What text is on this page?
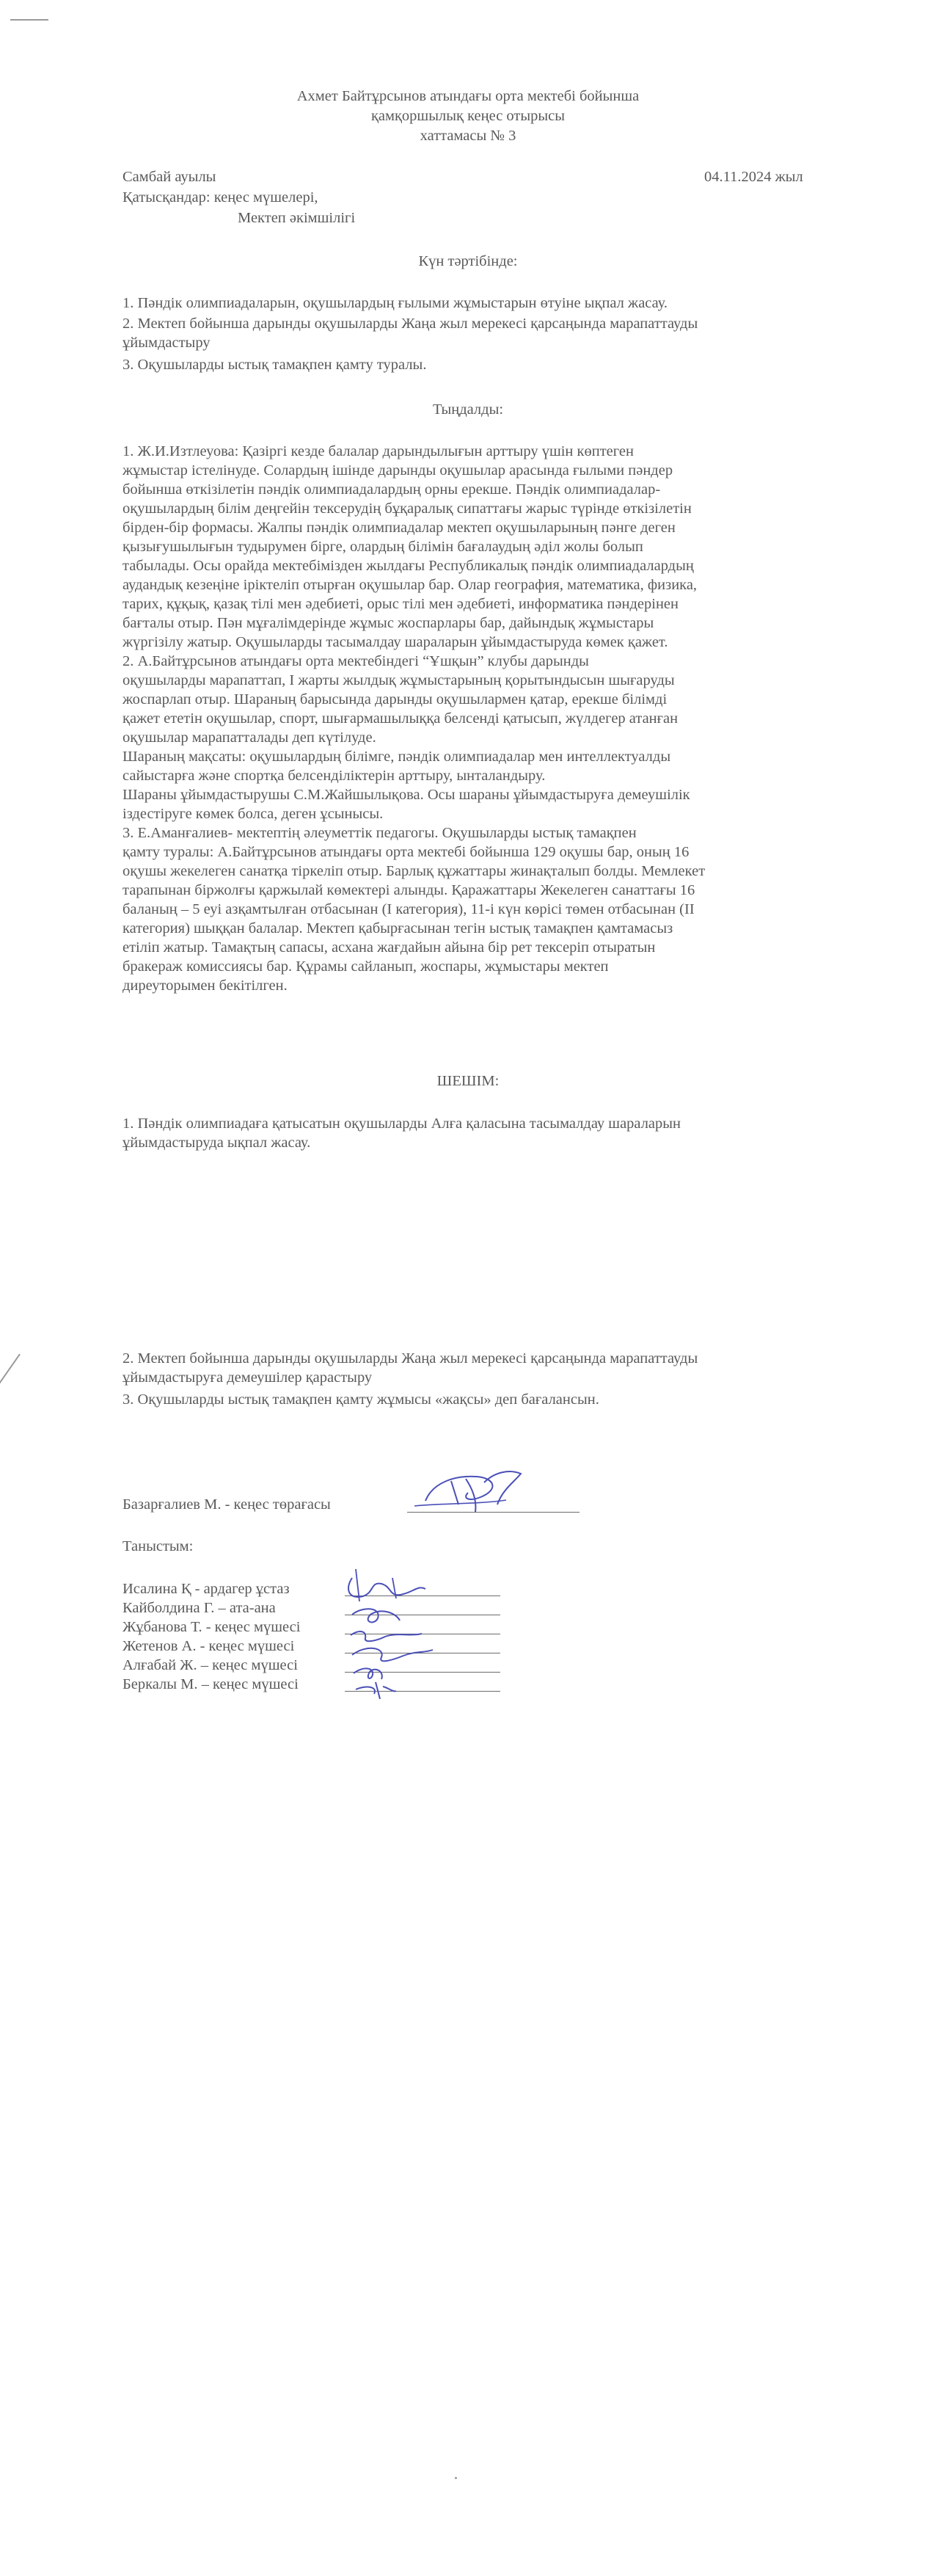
Ахмет Байтұрсынов атындағы орта мектебі бойынша
қамқоршылық кеңес отырысы
хаттамасы № 3
Самбай ауылы	04.11.2024 жыл
Қатысқандар: кеңес мүшелері,
Мектеп әкімшілігі
Күн тәртібінде:
1. Пәндік олимпиадаларын, оқушылардың ғылыми жұмыстарын өтуіне ықпал жасау.
2. Мектеп бойынша дарынды оқушыларды Жаңа жыл мерекесі қарсаңында марапаттауды
ұйымдастыру
3. Оқушыларды ыстық тамақпен қамту туралы.
Тыңдалды:
1. Ж.И.Изтлеуова: Қазіргі кезде балалар дарындылығын арттыру үшін көптеген
жұмыстар істелінуде. Солардың ішінде дарынды оқушылар арасында ғылыми пәндер
бойынша өткізілетін пәндік олимпиадалардың орны ерекше. Пәндік олимпиадалар-
оқушылардың білім деңгейін тексерудің бұқаралық сипаттағы жарыс түрінде өткізілетін
бірден-бір формасы. Жалпы пәндік олимпиадалар мектеп оқушыларының пәнге деген
қызығушылығын тудырумен бірге, олардың білімін бағалаудың әділ жолы болып
табылады. Осы орайда мектебімізден жылдағы Республикалық пәндік олимпиадалардың
аудандық кезеңіне іріктеліп отырған оқушылар бар. Олар география, математика, физика,
тарих, құқық, қазақ тілі мен әдебиеті, орыс тілі мен әдебиеті, информатика пәндерінен
бағталы отыр. Пән мұғалімдерінде жұмыс жоспарлары бар, дайындық жұмыстары
жүргізілу жатыр. Оқушыларды тасымалдау шараларын ұйымдастыруда көмек қажет.
2. А.Байтұрсынов атындағы орта мектебіндегі “Ұшқын” клубы дарынды
оқушыларды марапаттап, I жарты жылдық жұмыстарының қорытындысын шығаруды
жоспарлап отыр. Шараның барысында дарынды оқушылармен қатар, ерекше білімді
қажет ететін оқушылар, спорт, шығармашылыққа белсенді қатысып, жүлдегер атанған
оқушылар марапатталады деп күтілуде.
Шараның мақсаты: оқушылардың білімге, пәндік олимпиадалар мен интеллектуалды
сайыстарға және спортқа белсенділіктерін арттыру, ынталандыру.
Шараны ұйымдастырушы С.М.Жайшылықова. Осы шараны ұйымдастыруға демеушілік
іздестіруге көмек болса, деген ұсынысы.
3. Е.Аманғалиев- мектептің әлеуметтік педагогы. Оқушыларды ыстық тамақпен
қамту туралы: А.Байтұрсынов атындағы орта мектебі бойынша 129 оқушы бар, оның 16
оқушы жекелеген санатқа тіркеліп отыр. Барлық құжаттары жинақталып болды. Мемлекет
тарапынан біржолғы қаржылай көмектері алынды. Қаражаттары Жекелеген санаттағы 16
баланың – 5 еуі азқамтылған отбасынан (I категория), 11-і күн көрісі төмен отбасынан (II
категория) шыққан балалар. Мектеп қабырғасынан тегін ыстық тамақпен қамтамасыз
етіліп жатыр. Тамақтың сапасы, асхана жағдайын айына бір рет тексеріп отыратын
бракераж комиссиясы бар. Құрамы сайланып, жоспары, жұмыстары мектеп
диреуторымен бекітілген.
ШЕШІМ:
1. Пәндік олимпиадаға қатысатын оқушыларды Алға қаласына тасымалдау шараларын
ұйымдастыруда ықпал жасау.
2. Мектеп бойынша дарынды оқушыларды Жаңа жыл мерекесі қарсаңында марапаттауды
ұйымдастыруға демеушілер қарастыру
3. Оқушыларды ыстық тамақпен қамту жұмысы «жақсы» деп бағалансын.
Базарғалиев М. - кеңес төрағасы
Таныстым:
Исалина Қ - ардагер ұстаз
Кайболдина Г. – ата-ана
Жұбанова Т. - кеңес мүшесі
Жетенов А. - кеңес мүшесі
Алғабай Ж. – кеңес мүшесі
Беркалы М. – кеңес мүшесі
